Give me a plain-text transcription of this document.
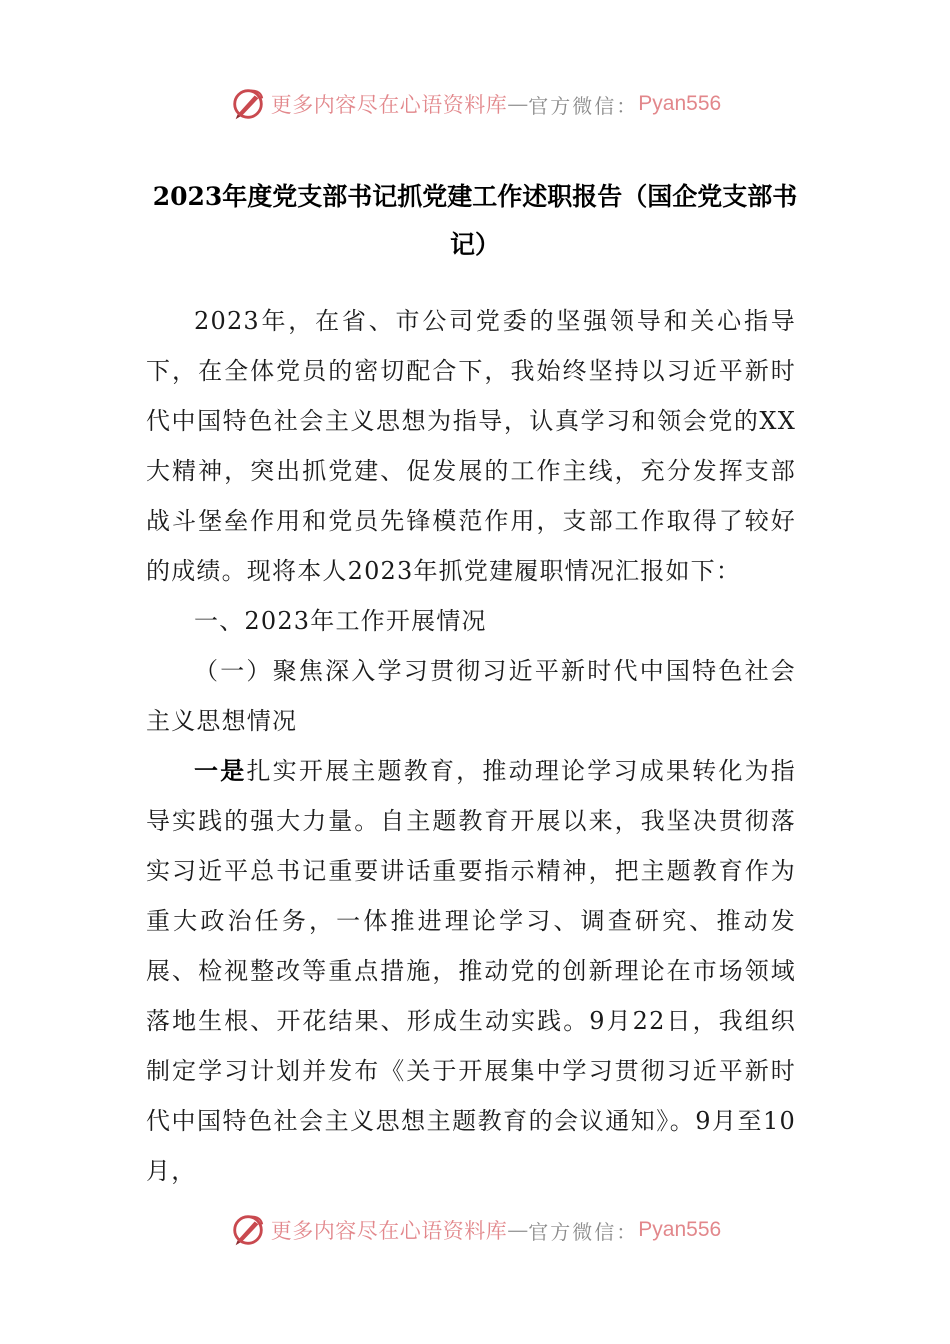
更多内容尽在心语资料库 — 官方微信： Pyan556
2023年度党支部书记抓党建工作述职报告（国企党支部书记）

2023年，在省、市公司党委的坚强领导和关心指导下，在全体党员的密切配合下，我始终坚持以习近平新时代中国特色社会主义思想为指导，认真学习和领会党的XX大精神，突出抓党建、促发展的工作主线，充分发挥支部战斗堡垒作用和党员先锋模范作用，支部工作取得了较好的成绩。现将本人2023年抓党建履职情况汇报如下：

一、2023年工作开展情况

（一）聚焦深入学习贯彻习近平新时代中国特色社会主义思想情况

一是扎实开展主题教育，推动理论学习成果转化为指导实践的强大力量。自主题教育开展以来，我坚决贯彻落实习近平总书记重要讲话重要指示精神，把主题教育作为重大政治任务，一体推进理论学习、调查研究、推动发展、检视整改等重点措施，推动党的创新理论在市场领域落地生根、开花结果、形成生动实践。9月22日，我组织制定学习计划并发布《关于开展集中学习贯彻习近平新时代中国特色社会主义思想主题教育的会议通知》。9月至10月，

更多内容尽在心语资料库 — 官方微信： Pyan556
